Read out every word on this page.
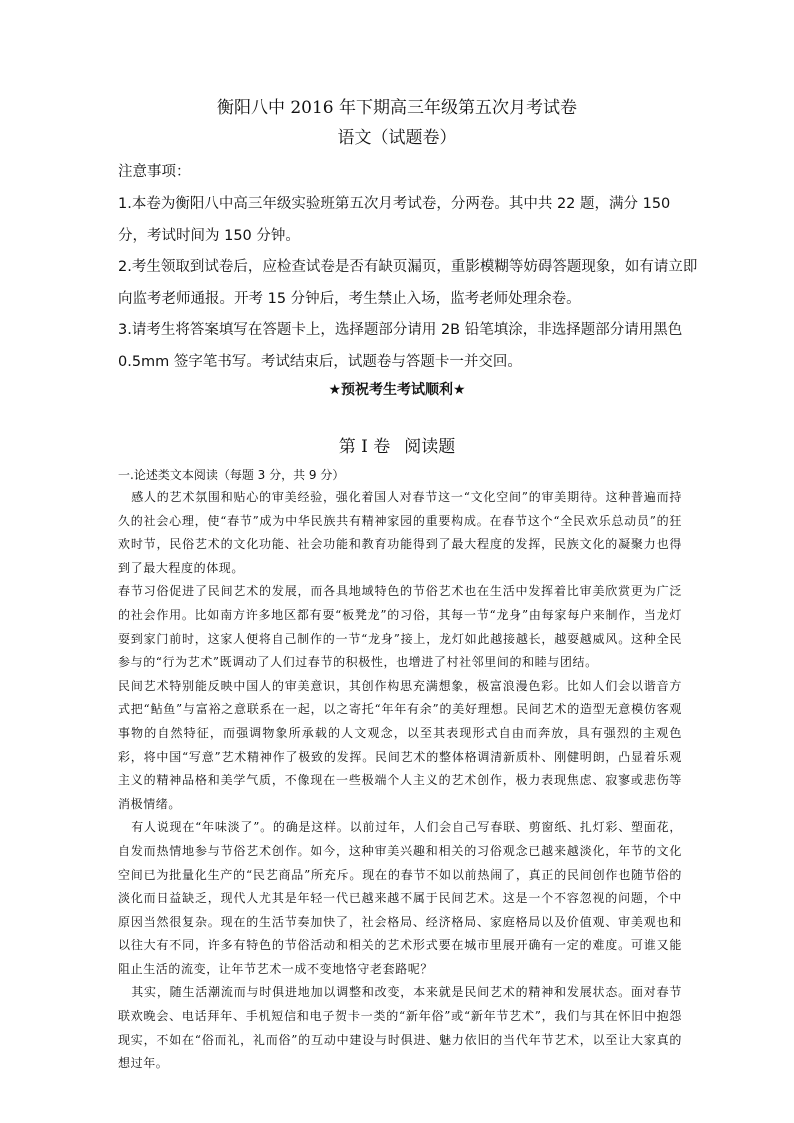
衡阳八中 2016 年下期高三年级第五次月考试卷
语文（试题卷）
注意事项：

1.本卷为衡阳八中高三年级实验班第五次月考试卷，分两卷。其中共 22 题，满分 150 分，考试时间为 150 分钟。

2.考生领取到试卷后，应检查试卷是否有缺页漏页，重影模糊等妨碍答题现象，如有请立即向监考老师通报。开考 15 分钟后，考生禁止入场，监考老师处理余卷。

3.请考生将答案填写在答题卡上，选择题部分请用 2B 铅笔填涂，非选择题部分请用黑色 0.5mm 签字笔书写。考试结束后，试题卷与答题卡一并交回。

★预祝考生考试顺利★
第 I 卷 阅读题
一.论述类文本阅读（每题 3 分，共 9 分）

感人的艺术氛围和贴心的审美经验，强化着国人对春节这一“文化空间”的审美期待。这种普遍而持久的社会心理，使“春节”成为中华民族共有精神家园的重要构成。在春节这个“全民欢乐总动员”的狂欢时节，民俗艺术的文化功能、社会功能和教育功能得到了最大程度的发挥，民族文化的凝聚力也得到了最大程度的体现。

春节习俗促进了民间艺术的发展，而各具地域特色的节俗艺术也在生活中发挥着比审美欣赏更为广泛的社会作用。比如南方许多地区都有耍“板凳龙”的习俗，其每一节“龙身”由每家每户来制作，当龙灯耍到家门前时，这家人便将自己制作的一节“龙身”接上，龙灯如此越接越长，越耍越威风。这种全民参与的“行为艺术”既调动了人们过春节的积极性，也增进了村社邻里间的和睦与团结。

民间艺术特别能反映中国人的审美意识，其创作构思充满想象，极富浪漫色彩。比如人们会以谐音方式把“鲇鱼”与富裕之意联系在一起，以之寄托“年年有余”的美好理想。民间艺术的造型无意模仿客观事物的自然特征，而强调物象所承载的人文观念，以至其表现形式自由而奔放，具有强烈的主观色彩，将中国“写意”艺术精神作了极致的发挥。民间艺术的整体格调清新质朴、刚健明朗，凸显着乐观主义的精神品格和美学气质，不像现在一些极端个人主义的艺术创作，极力表现焦虑、寂寥或悲伤等消极情绪。

有人说现在“年味淡了”。的确是这样。以前过年，人们会自己写春联、剪窗纸、扎灯彩、塑面花，自发而热情地参与节俗艺术创作。如今，这种审美兴趣和相关的习俗观念已越来越淡化，年节的文化空间已为批量化生产的“民艺商品”所充斥。现在的春节不如以前热闹了，真正的民间创作也随节俗的淡化而日益缺乏，现代人尤其是年轻一代已越来越不属于民间艺术。这是一个不容忽视的问题，个中原因当然很复杂。现在的生活节奏加快了，社会格局、经济格局、家庭格局以及价值观、审美观也和以往大有不同，许多有特色的节俗活动和相关的艺术形式要在城市里展开确有一定的难度。可谁又能阻止生活的流变，让年节艺术一成不变地恪守老套路呢？

其实，随生活潮流而与时俱进地加以调整和改变，本来就是民间艺术的精神和发展状态。面对春节联欢晚会、电话拜年、手机短信和电子贺卡一类的“新年俗”或“新年节艺术”，我们与其在怀旧中抱怨现实，不如在“俗而礼，礼而俗”的互动中建设与时俱进、魅力依旧的当代年节艺术，以至让大家真的想过年。
